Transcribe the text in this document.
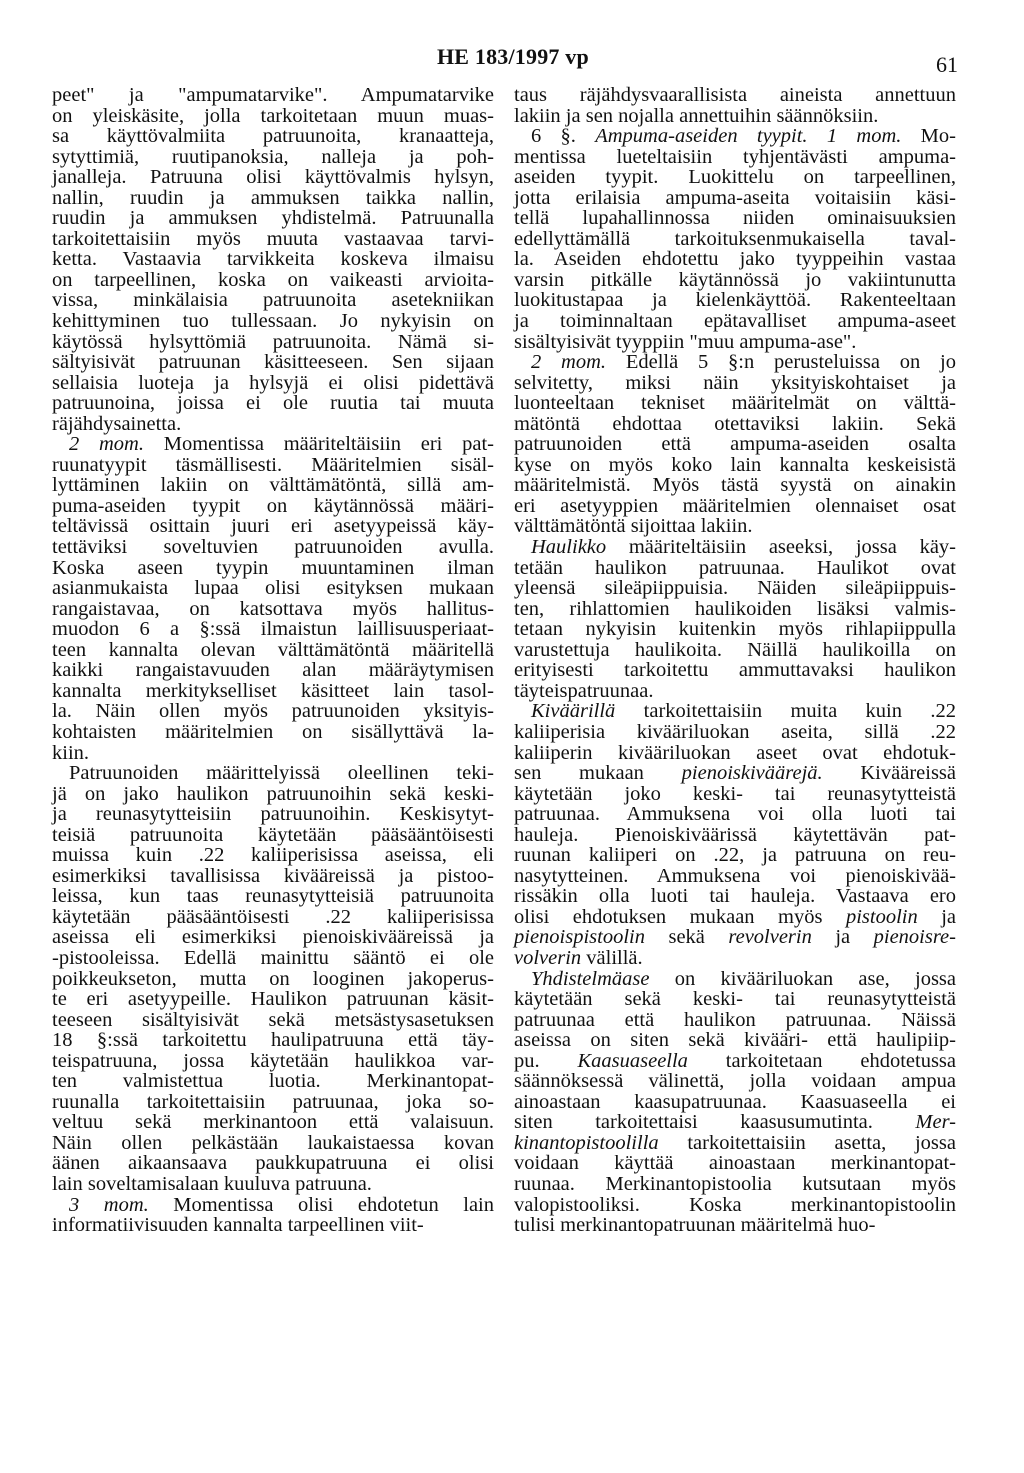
HE 183/1997 vp	61
peet" ja "ampumatarvike". Ampumatarvike
on yleiskäsite, jolla tarkoitetaan muun muas-
sa käyttövalmiita patruunoita, kranaatteja,
sytyttimiä, ruutipanoksia, nalleja ja poh-
janalleja. Patruuna olisi käyttövalmis hylsyn,
nallin, ruudin ja ammuksen taikka nallin,
ruudin ja ammuksen yhdistelmä. Patruunalla
tarkoitettaisiin myös muuta vastaavaa tarvi-
ketta. Vastaavia tarvikkeita koskeva ilmaisu
on tarpeellinen, koska on vaikeasti arvioita-
vissa, minkälaisia patruunoita asetekniikan
kehittyminen tuo tullessaan. Jo nykyisin on
käytössä hylsyttömiä patruunoita. Nämä si-
sältyisivät patruunan käsitteeseen. Sen sijaan
sellaisia luoteja ja hylsyjä ei olisi pidettävä
patruunoina, joissa ei ole ruutia tai muuta
räjähdysainetta.
2 mom. Momentissa määriteltäisiin eri pat-
ruunatyypit täsmällisesti. Määritelmien sisäl-
lyttäminen lakiin on välttämätöntä, sillä am-
puma-aseiden tyypit on käytännössä määri-
teltävissä osittain juuri eri asetyypeissä käy-
tettäviksi soveltuvien patruunoiden avulla.
Koska aseen tyypin muuntaminen ilman
asianmukaista lupaa olisi esityksen mukaan
rangaistavaa, on katsottava myös hallitus-
muodon 6 a §:ssä ilmaistun laillisuusperiaat-
teen kannalta olevan välttämätöntä määritellä
kaikki rangaistavuuden alan määräytymisen
kannalta merkitykselliset käsitteet lain tasol-
la. Näin ollen myös patruunoiden yksityis-
kohtaisten määritelmien on sisällyttävä la-
kiin.
Patruunoiden määrittelyissä oleellinen teki-
jä on jako haulikon patruunoihin sekä keski-
ja reunasytytteisiin patruunoihin. Keskisytyt-
teisiä patruunoita käytetään pääsääntöisesti
muissa kuin .22 kaliiperisissa aseissa, eli
esimerkiksi tavallisissa kivääreissä ja pistoo-
leissa, kun taas reunasytytteisiä patruunoita
käytetään pääsääntöisesti .22 kaliiperisissa
aseissa eli esimerkiksi pienoiskivääreissä ja
-pistooleissa. Edellä mainittu sääntö ei ole
poikkeukseton, mutta on looginen jakoperus-
te eri asetyypeille. Haulikon patruunan käsit-
teeseen sisältyisivät sekä metsästysasetuksen
18 §:ssä tarkoitettu haulipatruuna että täy-
teispatruuna, jossa käytetään haulikkoa var-
ten valmistettua luotia. Merkinantopat-
ruunalla tarkoitettaisiin patruunaa, joka so-
veltuu sekä merkinantoon että valaisuun.
Näin ollen pelkästään laukaistaessa kovan
äänen aikaansaava paukkupatruuna ei olisi
lain soveltamisalaan kuuluva patruuna.
3 mom. Momentissa olisi ehdotetun lain
informatiivisuuden kannalta tarpeellinen viit-
taus räjähdysvaarallisista aineista annettuun
lakiin ja sen nojalla annettuihin säännöksiin.
6 §. Ampuma-aseiden tyypit. 1 mom. Mo-
mentissa lueteltaisiin tyhjentävästi ampuma-
aseiden tyypit. Luokittelu on tarpeellinen,
jotta erilaisia ampuma-aseita voitaisiin käsi-
tellä lupahallinnossa niiden ominaisuuksien
edellyttämällä tarkoituksenmukaisella taval-
la. Aseiden ehdotettu jako tyyppeihin vastaa
varsin pitkälle käytännössä jo vakiintunutta
luokitustapaa ja kielenkäyttöä. Rakenteeltaan
ja toiminnaltaan epätavalliset ampuma-aseet
sisältyisivät tyyppiin "muu ampuma-ase".
2 mom. Edellä 5 §:n perusteluissa on jo
selvitetty, miksi näin yksityiskohtaiset ja
luonteeltaan tekniset määritelmät on välttä-
mätöntä ehdottaa otettaviksi lakiin. Sekä
patruunoiden että ampuma-aseiden osalta
kyse on myös koko lain kannalta keskeisistä
määritelmistä. Myös tästä syystä on ainakin
eri asetyyppien määritelmien olennaiset osat
välttämätöntä sijoittaa lakiin.
Haulikko määriteltäisiin aseeksi, jossa käy-
tetään haulikon patruunaa. Haulikot ovat
yleensä sileäpiippuisia. Näiden sileäpiippuis-
ten, rihlattomien haulikoiden lisäksi valmis-
tetaan nykyisin kuitenkin myös rihlapiippulla
varustettuja haulikoita. Näillä haulikoilla on
erityisesti tarkoitettu ammuttavaksi haulikon
täyteispatruunaa.
Kiväärillä tarkoitettaisiin muita kuin .22
kaliiperisia kivääriluokan aseita, sillä .22
kaliiperin kivääriluokan aseet ovat ehdotuk-
sen mukaan pienoiskiväärejä. Kivääreissä
käytetään joko keski- tai reunasytytteistä
patruunaa. Ammuksena voi olla luoti tai
hauleja. Pienoiskiväärissä käytettävän pat-
ruunan kaliiperi on .22, ja patruuna on reu-
nasytytteinen. Ammuksena voi pienoiskivää-
rissäkin olla luoti tai hauleja. Vastaava ero
olisi ehdotuksen mukaan myös pistoolin ja
pienoispistoolin sekä revolverin ja pienoisre-
volverin välillä.
Yhdistelmäase on kivääriluokan ase, jossa
käytetään sekä keski- tai reunasytytteistä
patruunaa että haulikon patruunaa. Näissä
aseissa on siten sekä kivääri- että haulipiip-
pu. Kaasuaseella tarkoitetaan ehdotetussa
säännöksessä välinettä, jolla voidaan ampua
ainoastaan kaasupatruunaa. Kaasuaseella ei
siten tarkoitettaisi kaasusumutinta. Mer-
kinantopistoolilla tarkoitettaisiin asetta, jossa
voidaan käyttää ainoastaan merkinantopat-
ruunaa. Merkinantopistoolia kutsutaan myös
valopistooliksi. Koska merkinantopistoolin
tulisi merkinantopatruunan määritelmä huo-
